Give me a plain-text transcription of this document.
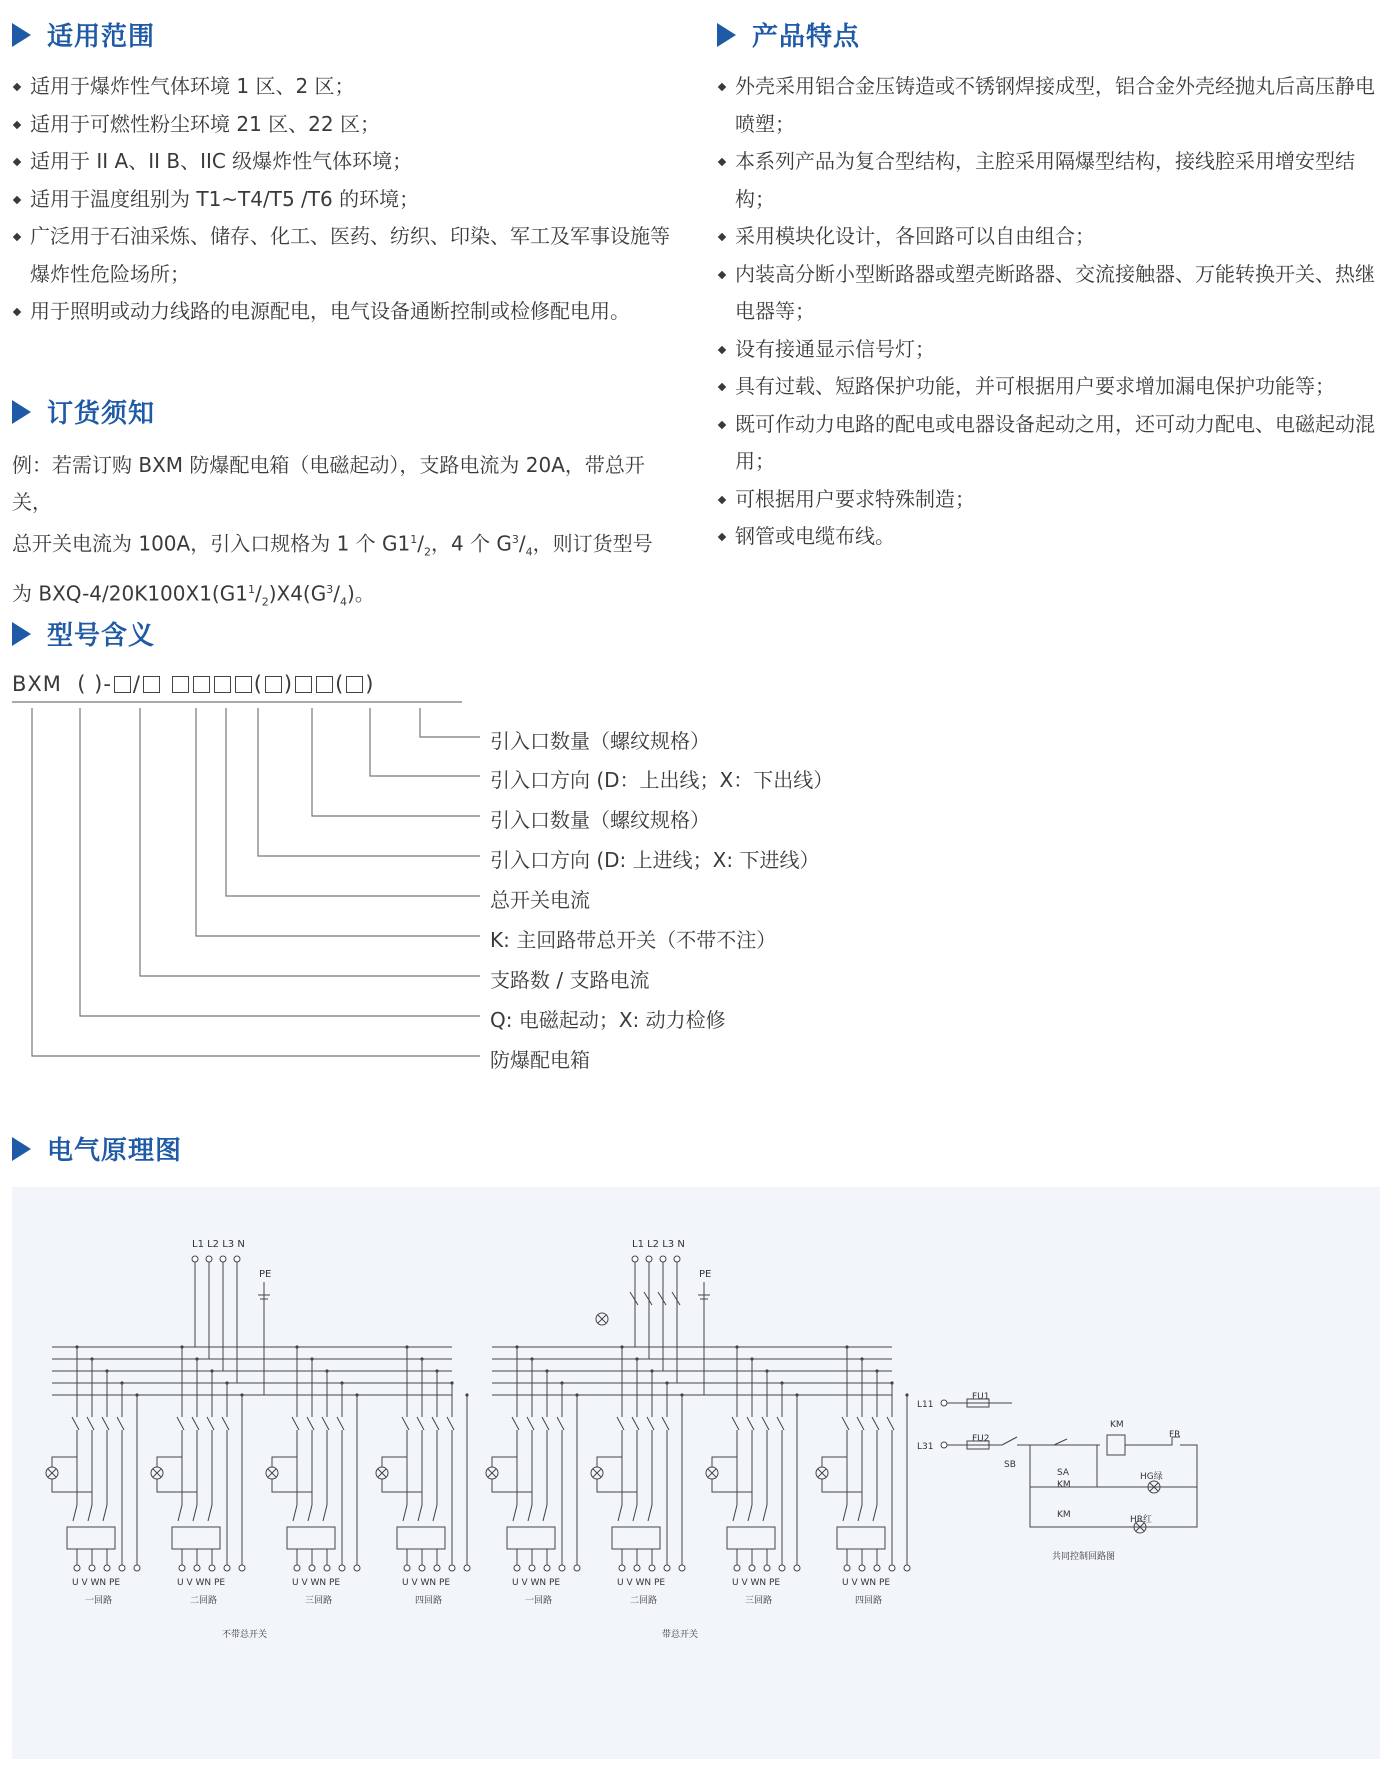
适用范围
适用于爆炸性气体环境 1 区、2 区；
适用于可燃性粉尘环境 21 区、22 区；
适用于 II A、II B、IIC 级爆炸性气体环境；
适用于温度组别为 T1~T4/T5 /T6 的环境；
广泛用于石油采炼、储存、化工、医药、纺织、印染、军工及军事设施等爆炸性危险场所；
用于照明或动力线路的电源配电，电气设备通断控制或检修配电用。
产品特点
外壳采用铝合金压铸造或不锈钢焊接成型，铝合金外壳经抛丸后高压静电喷塑；
本系列产品为复合型结构，主腔采用隔爆型结构，接线腔采用增安型结构；
采用模块化设计，各回路可以自由组合；
内装高分断小型断路器或塑壳断路器、交流接触器、万能转换开关、热继电器等；
设有接通显示信号灯；
具有过载、短路保护功能，并可根据用户要求增加漏电保护功能等；
既可作动力电路的配电或电器设备起动之用，还可动力配电、电磁起动混用；
可根据用户要求特殊制造；
钢管或电缆布线。
订货须知
例：若需订购 BXM 防爆配电箱（电磁起动），支路电流为 20A，带总开关，
总开关电流为 100A，引入口规格为 1 个 $G1^1/_2$，4 个 $G^3/_4$，则订货型号
为 BXQ-$4/20K100X1(G1^1/_2)X4(G^3/_4)$。
型号含义
BXM  ( )- /	( ) ( )
引入口数量（螺纹规格）
引入口方向 (D：上出线；X：下出线）
引入口数量（螺纹规格）
引入口方向 (D: 上进线；X: 下进线）
总开关电流
K: 主回路带总开关（不带不注）
支路数 / 支路电流
Q: 电磁起动；X: 动力检修
防爆配电箱
电气原理图
L1 L2 L3 N
PE
U V WN PE
一回路
U V WN PE
二回路
U V WN PE
三回路
U V WN PE
四回路
不带总开关
L1 L2 L3 N
PE
U V WN PE
一回路
U V WN PE
二回路
U V WN PE
三回路
U V WN PE
四回路
带总开关
L11
L31
FU1
FU2
SB
KM
FR
SA
KM
HG绿
KM	HR红
共同控制回路图
